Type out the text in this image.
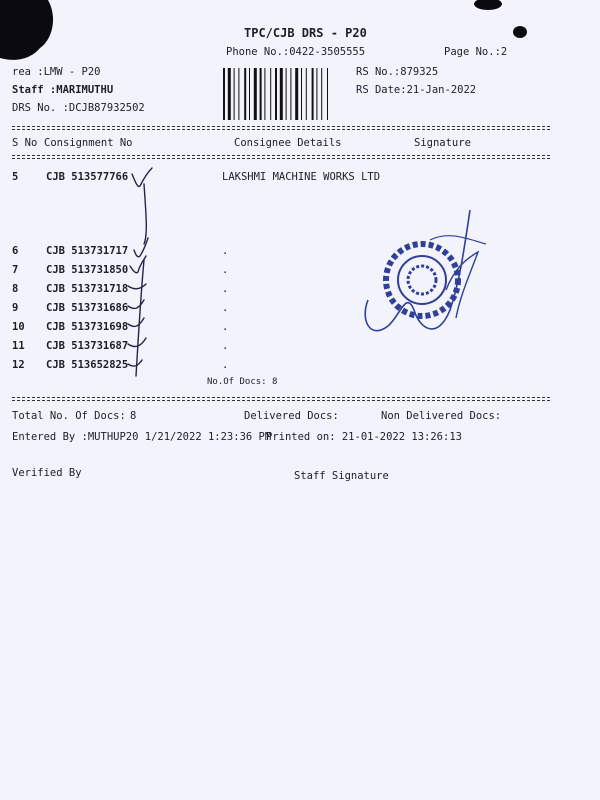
TPC/CJB DRS - P20
Phone No.:0422-3505555	Page No.:2
rea :LMW - P20
Staff :MARIMUTHU
DRS No. :DCJB87932502
RS No.:879325
RS Date:21-Jan-2022
S No Consignment No	Consignee Details	Signature
5	CJB 513577766	LAKSHMI MACHINE WORKS LTD
6	CJB 513731717	.
7	CJB 513731850	.
8	CJB 513731718	.
9	CJB 513731686	.
10 CJB 513731698	.
11 CJB 513731687	.
12 CJB 513652825	.
No.Of Docs: 8
Total No. Of Docs: 8	Delivered Docs:	Non Delivered Docs:
Entered By :MUTHUP20 1/21/2022 1:23:36 PM
Printed on: 21-01-2022 13:26:13
Verified By	Staff Signature
